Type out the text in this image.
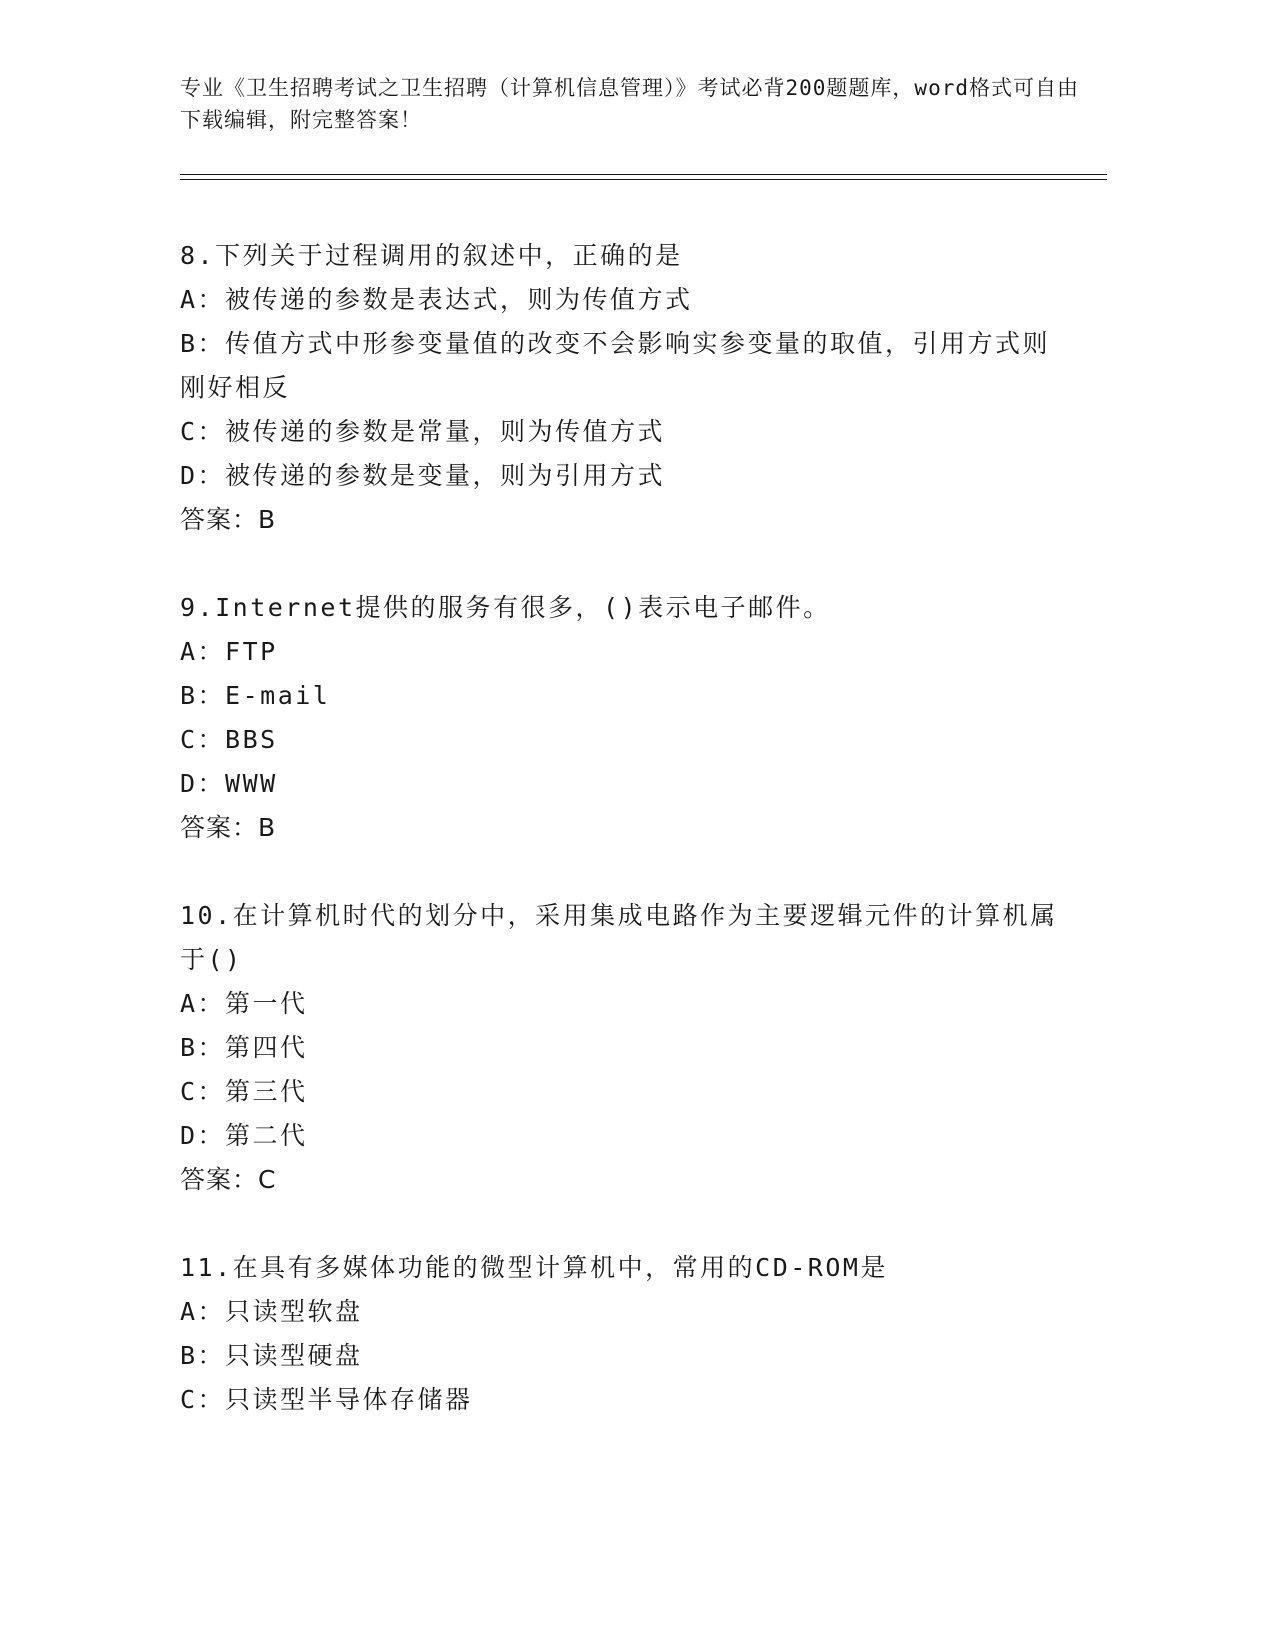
专业《卫生招聘考试之卫生招聘（计算机信息管理）》考试必背200题题库，word格式可自由下载编辑，附完整答案！

8.下列关于过程调用的叙述中，正确的是

A：被传递的参数是表达式，则为传值方式

B：传值方式中形参变量值的改变不会影响实参变量的取值，引用方式则刚好相反

C：被传递的参数是常量，则为传值方式

D：被传递的参数是变量，则为引用方式

答案：B

9.Internet提供的服务有很多，()表示电子邮件。

A：FTP

B：E-mail

C：BBS

D：WWW

答案：B

10.在计算机时代的划分中，采用集成电路作为主要逻辑元件的计算机属于()

A：第一代

B：第四代

C：第三代

D：第二代

答案：C

11.在具有多媒体功能的微型计算机中，常用的CD-ROM是

A：只读型软盘

B：只读型硬盘

C：只读型半导体存储器
